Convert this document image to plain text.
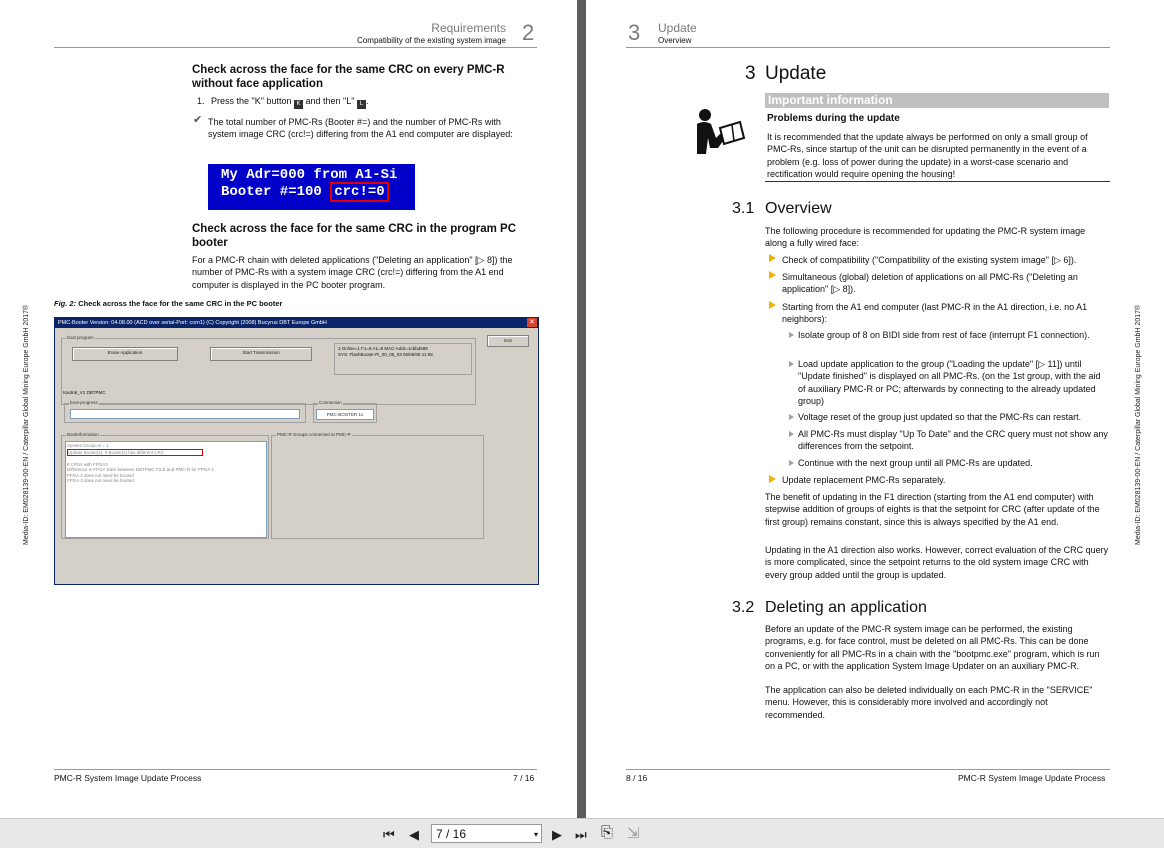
Requirements
Compatibility of the existing system image 2
Check across the face for the same CRC on every PMC-R without face application
1. Press the "K" button K and then "L" L .
✔ The total number of PMC-Rs (Booter #=) and the number of PMC-Rs with system image CRC (crc!=) differing from the A1 end computer are displayed:
My Adr=000 from A1-Si
Booter #=100 crc!=0
Check across the face for the same CRC in the program PC booter
For a PMC-R chain with deleted applications ("Deleting an application" [▷ 8]) the number of PMC-Rs with a system image CRC (crc!=) differing from the A1 end computer is displayed in the PC booter program.
Fig. 2: Check across the face for the same CRC in the PC booter
PMC-Booter Version: 04.08.00 (ACD over serial-Port: com1) (C) Copyright (2008) Bucyrus DBT Europe GmbH	✕
boot program
Erase Application	Start Transmission
3 Online=1 F1=8 A1=8 MAC-Addr=1cbbd588
SYS: FlashBooter-Pi_00_06_03 06/06/08 11:08
Exit
Kaotral_V1 DBTPMC
boot-progress	Connection
PMC-BOOTER 11
BootInformation
System Group=6 = 1
Update Booter(s): 0 Booter(s) has different CRC

8 CPUs with FPGA3
Difference in FPGA Date between DBTPMC FILE and PMC-R for FPGA 1
FPGA 2 does not need be booted
FPGA 3 does not need be booted
PMC-R Groups connected at PMC-P
Media-ID: EM028139-00-EN / Caterpillar Global Mining Europe GmbH 2017®
PMC-R System Image Update Process	7 / 16
3 Update
Overview
3 Update
Important information
Problems during the update
It is recommended that the update always be performed on only a small group of PMC-Rs, since startup of the unit can be disrupted permanently in the event of a problem (e.g. loss of power during the update) in a worst-case scenario and rectification would require opening the housing!
3.1 Overview
The following procedure is recommended for updating the PMC-R system image along a fully wired face:
Check of compatibility ("Compatibility of the existing system image" [▷ 6]).
Simultaneous (global) deletion of applications on all PMC-Rs ("Deleting an application" [▷ 8]).
Starting from the A1 end computer (last PMC-R in the A1 direction, i.e. no A1 neighbors):
Isolate group of 8 on BIDI side from rest of face (interrupt F1 connection).
Load update application to the group ("Loading the update" [▷ 11]) until "Update finished" is displayed on all PMC-Rs. (on the 1st group, with the aid of auxiliary PMC-R or PC; afterwards by connecting to the already updated group)
Voltage reset of the group just updated so that the PMC-Rs can restart.
All PMC-Rs must display "Up To Date" and the CRC query must not show any differences from the setpoint.
Continue with the next group until all PMC-Rs are updated.
Update replacement PMC-Rs separately.
The benefit of updating in the F1 direction (starting from the A1 end computer) with stepwise addition of groups of eights is that the setpoint for CRC (after update of the first group) remains constant, since this is always specified by the A1 end.
Updating in the A1 direction also works. However, correct evaluation of the CRC query is more complicated, since the setpoint returns to the old system image CRC with every group added until the group is updated.
3.2 Deleting an application
Before an update of the PMC-R system image can be performed, the existing programs, e.g. for face control, must be deleted on all PMC-Rs. This can be done conveniently for all PMC-Rs in a chain with the "bootpmc.exe" program, which is run on a PC, or with the application System Image Updater on an auxiliary PMC-R.
The application can also be deleted individually on each PMC-R in the "SERVICE" menu. However, this is considerably more involved and accordingly not recommended.
Media-ID: EM028139-00-EN / Caterpillar Global Mining Europe GmbH 2017®
8 / 16	PMC-R System Image Update Process
⏮ ◀	7 / 16	▾ ▶ ⏭ ⎘ ⇲
